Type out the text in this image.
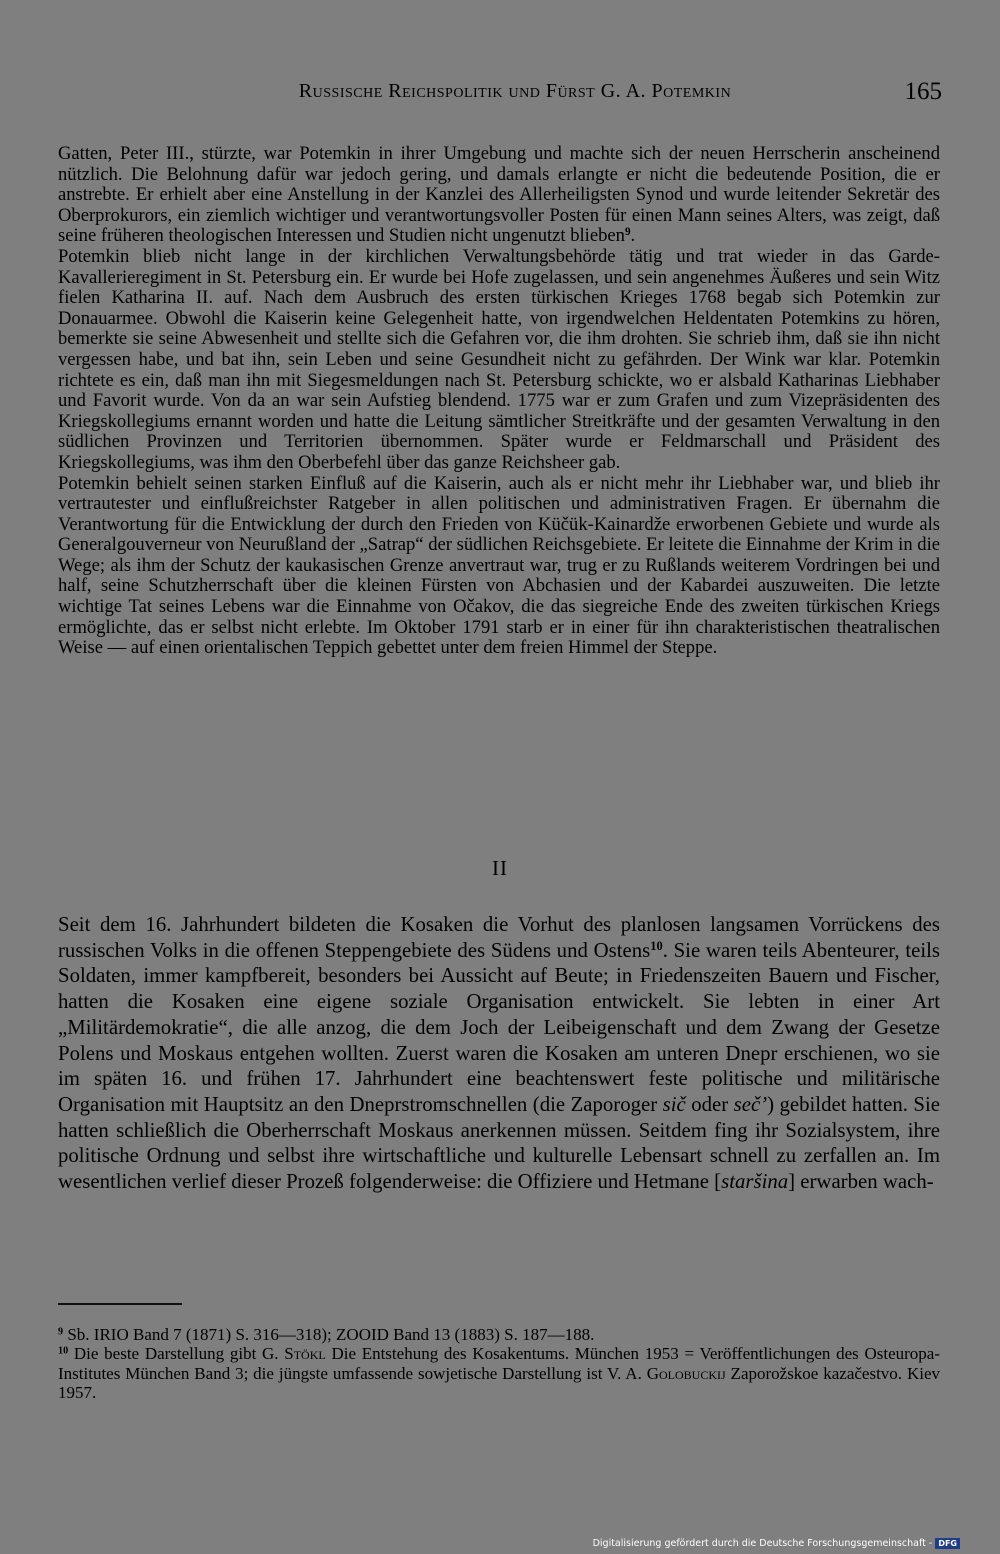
Russische Reichspolitik und Fürst G. A. Potemkin	165

Gatten, Peter III., stürzte, war Potemkin in ihrer Umgebung und machte sich der neuen Herrscherin anscheinend nützlich. Die Belohnung dafür war jedoch gering, und damals erlangte er nicht die bedeutende Position, die er anstrebte. Er erhielt aber eine Anstellung in der Kanzlei des Allerheiligsten Synod und wurde leitender Sekretär des Oberprokurors, ein ziemlich wichtiger und verantwortungsvoller Posten für einen Mann seines Alters, was zeigt, daß seine früheren theologischen Interessen und Studien nicht ungenutzt blieben$^9$.

Potemkin blieb nicht lange in der kirchlichen Verwaltungsbehörde tätig und trat wieder in das Garde-Kavallerieregiment in St. Petersburg ein. Er wurde bei Hofe zugelassen, und sein angenehmes Äußeres und sein Witz fielen Katharina II. auf. Nach dem Ausbruch des ersten türkischen Krieges 1768 begab sich Potemkin zur Donauarmee. Obwohl die Kaiserin keine Gelegenheit hatte, von irgendwelchen Heldentaten Potemkins zu hören, bemerkte sie seine Abwesenheit und stellte sich die Gefahren vor, die ihm drohten. Sie schrieb ihm, daß sie ihn nicht vergessen habe, und bat ihn, sein Leben und seine Gesundheit nicht zu gefährden. Der Wink war klar. Potemkin richtete es ein, daß man ihn mit Siegesmeldungen nach St. Petersburg schickte, wo er alsbald Katharinas Liebhaber und Favorit wurde. Von da an war sein Aufstieg blendend. 1775 war er zum Grafen und zum Vizepräsidenten des Kriegskollegiums ernannt worden und hatte die Leitung sämtlicher Streitkräfte und der gesamten Verwaltung in den südlichen Provinzen und Territorien übernommen. Später wurde er Feldmarschall und Präsident des Kriegskollegiums, was ihm den Oberbefehl über das ganze Reichsheer gab.

Potemkin behielt seinen starken Einfluß auf die Kaiserin, auch als er nicht mehr ihr Liebhaber war, und blieb ihr vertrautester und einflußreichster Ratgeber in allen politischen und administrativen Fragen. Er übernahm die Verantwortung für die Entwicklung der durch den Frieden von Küčük-Kainardže erworbenen Gebiete und wurde als Generalgouverneur von Neurußland der „Satrap“ der südlichen Reichsgebiete. Er leitete die Einnahme der Krim in die Wege; als ihm der Schutz der kaukasischen Grenze anvertraut war, trug er zu Rußlands weiterem Vordringen bei und half, seine Schutzherrschaft über die kleinen Fürsten von Abchasien und der Kabardei auszuweiten. Die letzte wichtige Tat seines Lebens war die Einnahme von Očakov, die das siegreiche Ende des zweiten türkischen Kriegs ermöglichte, das er selbst nicht erlebte. Im Oktober 1791 starb er in einer für ihn charakteristischen theatralischen Weise — auf einen orientalischen Teppich gebettet unter dem freien Himmel der Steppe.

II

Seit dem 16. Jahrhundert bildeten die Kosaken die Vorhut des planlosen langsamen Vorrückens des russischen Volks in die offenen Steppengebiete des Südens und Ostens$^{10}$. Sie waren teils Abenteurer, teils Soldaten, immer kampfbereit, besonders bei Aussicht auf Beute; in Friedenszeiten Bauern und Fischer, hatten die Kosaken eine eigene soziale Organisation entwickelt. Sie lebten in einer Art „Militärdemokratie“, die alle anzog, die dem Joch der Leibeigenschaft und dem Zwang der Gesetze Polens und Moskaus entgehen wollten. Zuerst waren die Kosaken am unteren Dnepr erschienen, wo sie im späten 16. und frühen 17. Jahrhundert eine beachtenswert feste politische und militärische Organisation mit Hauptsitz an den Dneprstromschnellen (die Zaporoger sič oder seč’) gebildet hatten. Sie hatten schließlich die Oberherrschaft Moskaus anerkennen müssen. Seitdem fing ihr Sozialsystem, ihre politische Ordnung und selbst ihre wirtschaftliche und kulturelle Lebensart schnell zu zerfallen an. Im wesentlichen verlief dieser Prozeß folgenderweise: die Offiziere und Hetmane [staršina] erwarben wach-

$^9$ Sb. IRIO Band 7 (1871) S. 316—318); ZOOID Band 13 (1883) S. 187—188.

$^{10}$ Die beste Darstellung gibt G. Stökl Die Entstehung des Kosakentums. München 1953 = Veröffentlichungen des Osteuropa-Institutes München Band 3; die jüngste umfassende sowjetische Darstellung ist V. A. Golobuckij Zaporožskoe kazačestvo. Kiev 1957.

Digitalisierung gefördert durch die Deutsche Forschungsgemeinschaft - DFG
